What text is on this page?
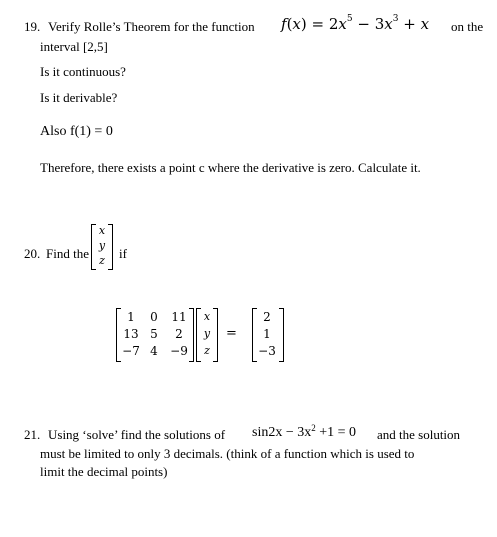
19. Verify Rolle’s Theorem for the function $f(x) = 2x^5 - 3x^3 + x$ on the
interval [2,5]
Is it continuous?
Is it derivable?
Also f(1) = 0
Therefore, there exists a point c where the derivative is zero. Calculate it.
20. Find the
x
y
z if
1	0	11
13 5	2
−7 4	−9
x
y
z
=
2
1
−3
21. Using ‘solve’ find the solutions of $\sin 2x - 3x^2 +1 = 0$ and the solution
must be limited to only 3 decimals. (think of a function which is used to
limit the decimal points)
